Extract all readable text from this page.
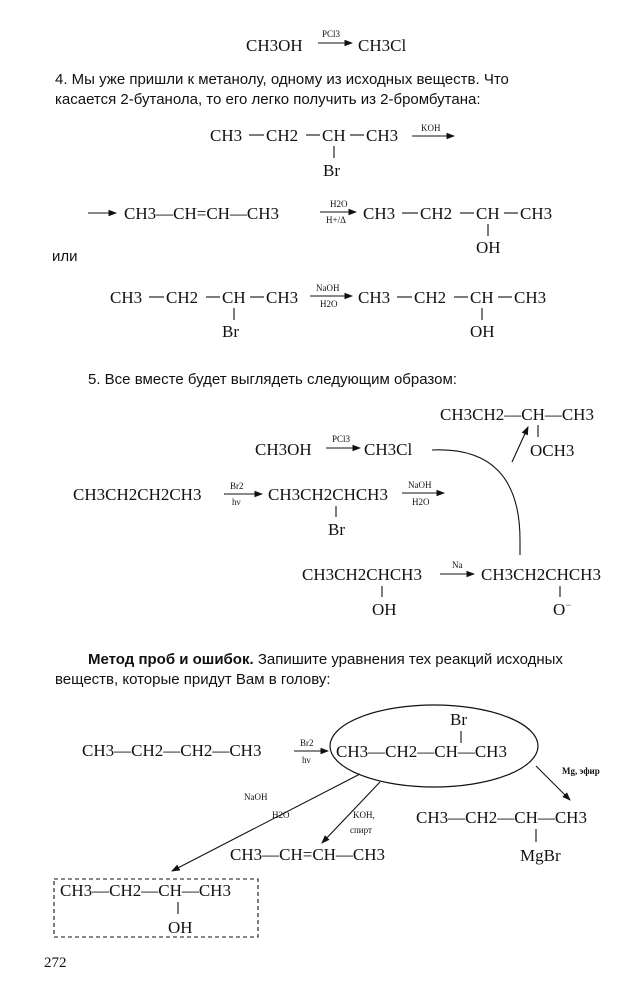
4. Мы уже пришли к метанолу, одному из исходных веществ. Что

касается 2-бутанола, то его легко получить из 2-бромбутана:

или

5. Все вместе будет выглядеть следующим образом:

Метод проб и ошибок. Запишите уравнения тех реакций исходных

веществ, которые придут Вам в голову:

CH3OH
PCl3
CH3Cl
CH3 CH2 CH CH3
Br
KOH
CH3—CH=CH—CH3	H2O
H+/Δ CH3 CH2 CH CH3
OH
CH3 CH2 CH CH3
Br
NaOH
H2O CH3 CH2 CH CH3
OH
CH3CH2—CH—CH3
OCH3
CH3OH
PCl3
CH3Cl
CH3CH2CH2CH3	Br2
hν CH3CH2CHCH3
Br
NaOH
H2O
CH3CH2CHCH3
OH
Na CH3CH2CHCH3
O −
CH3—CH2—CH2—CH3	Br2
hν
Br
CH3—CH2—CH—CH3
NaOH
H2O	KOH,
спирт
Mg, эфир
CH3—CH2—CH—CH3
MgBr
CH3—CH=CH—CH3
CH3—CH2—CH—CH3
OH
272
